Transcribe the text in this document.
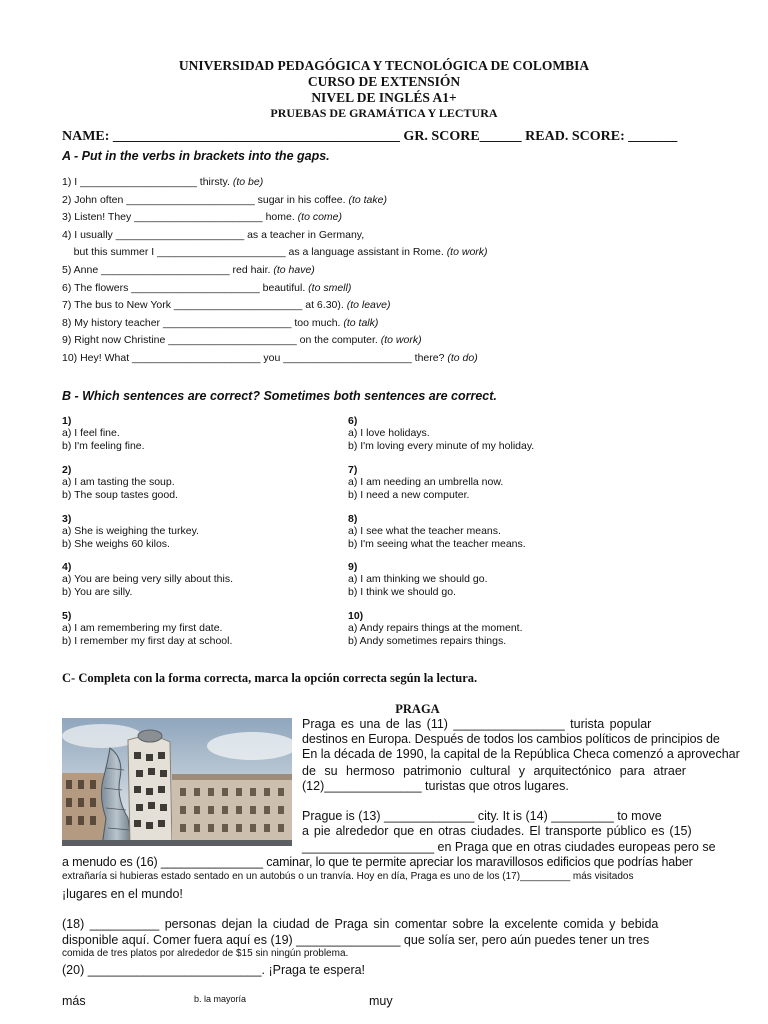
UNIVERSIDAD PEDAGÓGICA Y TECNOLÓGICA DE COLOMBIA
CURSO DE EXTENSIÓN
NIVEL DE INGLÉS A1+
PRUEBAS DE GRAMÁTICA Y LECTURA
NAME: _________________________________________ GR. SCORE______ READ. SCORE: _______
A - Put in the verbs in brackets into the gaps.
1) I ____________________ thirsty. (to be)
2) John often ______________________ sugar in his coffee. (to take)
3) Listen! They ______________________ home. (to come)
4) I usually ______________________ as a teacher in Germany,
but this summer I ______________________ as a language assistant in Rome. (to work)
5) Anne ______________________ red hair. (to have)
6) The flowers ______________________ beautiful. (to smell)
7) The bus to New York ______________________ at 6.30). (to leave)
8) My history teacher ______________________ too much. (to talk)
9) Right now Christine ______________________ on the computer. (to work)
10) Hey! What ______________________ you ______________________ there? (to do)
B - Which sentences are correct? Sometimes both sentences are correct.
1)
a) I feel fine.
b) I'm feeling fine.
2)
a) I am tasting the soup.
b) The soup tastes good.
3)
a) She is weighing the turkey.
b) She weighs 60 kilos.
4)
a) You are being very silly about this.
b) You are silly.
5)
a) I am remembering my first date.
b) I remember my first day at school.
6)
a) I love holidays.
b) I'm loving every minute of my holiday.
7)
a) I am needing an umbrella now.
b) I need a new computer.
8)
a) I see what the teacher means.
b) I'm seeing what the teacher means.
9)
a) I am thinking we should go.
b) I think we should go.
10)
a) Andy repairs things at the moment.
b) Andy sometimes repairs things.
C- Completa con la forma correcta, marca la opción correcta según la lectura.
PRAGA
Praga es una de las (11) ________________ turista popular
destinos en Europa. Después de todos los cambios políticos de principios de
En la década de 1990, la capital de la República Checa comenzó a aprovechar
de su hermoso patrimonio cultural y arquitectónico para atraer
(12)______________ turistas que otros lugares.
Prague is (13) _____________ city. It is (14) _________ to move
a pie alrededor que en otras ciudades. El transporte público es (15)
___________________ en Praga que en otras ciudades europeas pero se
a menudo es (16) _______________ caminar, lo que te permite apreciar los maravillosos edificios que podrías haber
extrañaría si hubieras estado sentado en un autobús o un tranvía. Hoy en día, Praga es uno de los (17)_________ más visitados
¡lugares en el mundo!
(18) __________ personas dejan la ciudad de Praga sin comentar sobre la excelente comida y bebida
disponible aquí. Comer fuera aquí es (19) _______________ que solía ser, pero aún puedes tener un tres
comida de tres platos por alrededor de $15 sin ningún problema.
(20) _________________________. ¡Praga te espera!
más	b. la mayoría	muy
